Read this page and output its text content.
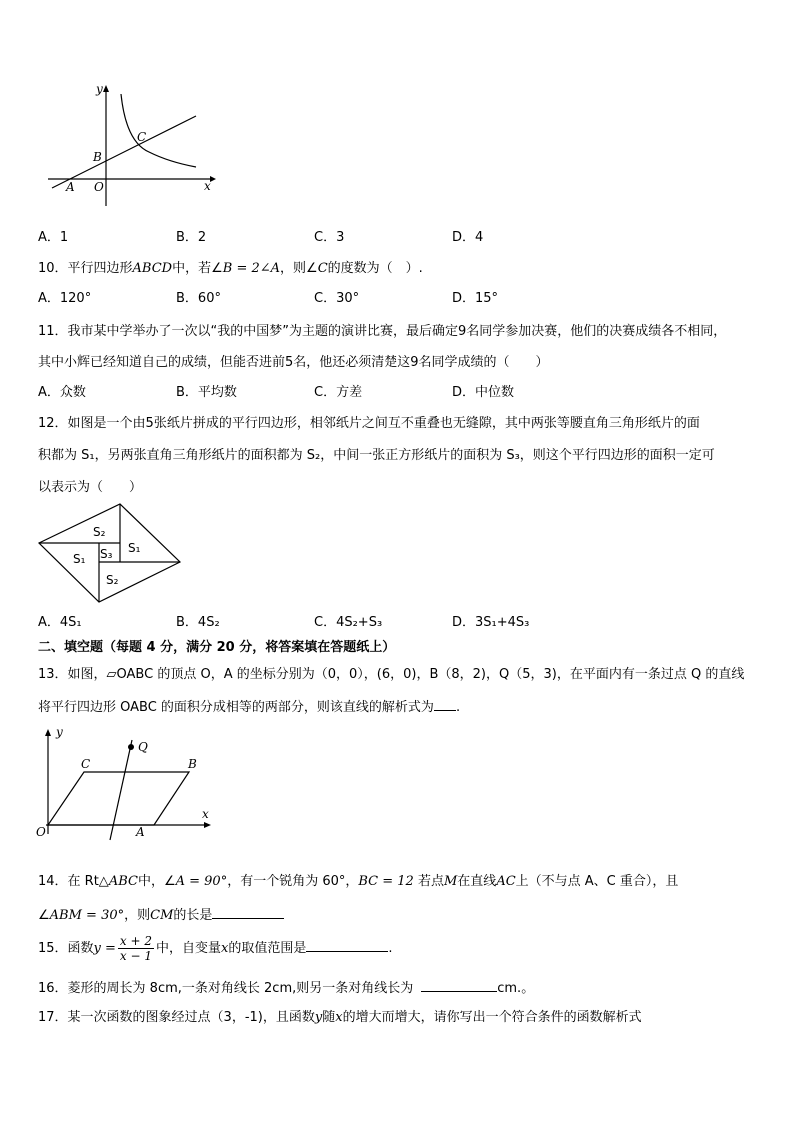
y
x
O
A
B
C
A．1	B．2	C．3	D．4
10．平行四边形ABCD中，若∠B = 2∠A，则∠C的度数为（　）.
A．120°	B．60°	C．30°	D．15°
11．我市某中学举办了一次以“我的中国梦”为主题的演讲比赛，最后确定9名同学参加决赛，他们的决赛成绩各不相同，
其中小辉已经知道自己的成绩，但能否进前5名，他还必须清楚这9名同学成绩的（　　）
A．众数	B．平均数	C．方差	D．中位数
12．如图是一个由5张纸片拼成的平行四边形，相邻纸片之间互不重叠也无缝隙，其中两张等腰直角三角形纸片的面
积都为 S₁，另两张直角三角形纸片的面积都为 S₂，中间一张正方形纸片的面积为 S₃，则这个平行四边形的面积一定可
以表示为（　　）
S₂
S₁
S₁ S₃
S₂
A．4S₁	B．4S₂	C．4S₂+S₃	D．3S₁+4S₃
二、填空题（每题 4 分，满分 20 分，将答案填在答题纸上）
13．如图，▱OABC 的顶点 O，A 的坐标分别为（0，0），(6，0)，B（8，2)，Q（5，3)，在平面内有一条过点 Q 的直线
将平行四边形 OABC 的面积分成相等的两部分，则该直线的解析式为 .
y
Q
C	B
x
O	A
14．在 Rt△ABC中，∠A = 90°，有一个锐角为 60°，BC = 12 若点M在直线AC上（不与点 A、C 重合），且
∠ABM = 30°，则CM的长是
15．函数$y = \frac{x + 2}{x - 1}$ 中，自变量x的取值范围是	.
16．菱形的周长为 8cm,一条对角线长 2cm,则另一条对角线长为	cm.。
17．某一次函数的图象经过点（3，-1)，且函数y随x的增大而增大，请你写出一个符合条件的函数解析式
